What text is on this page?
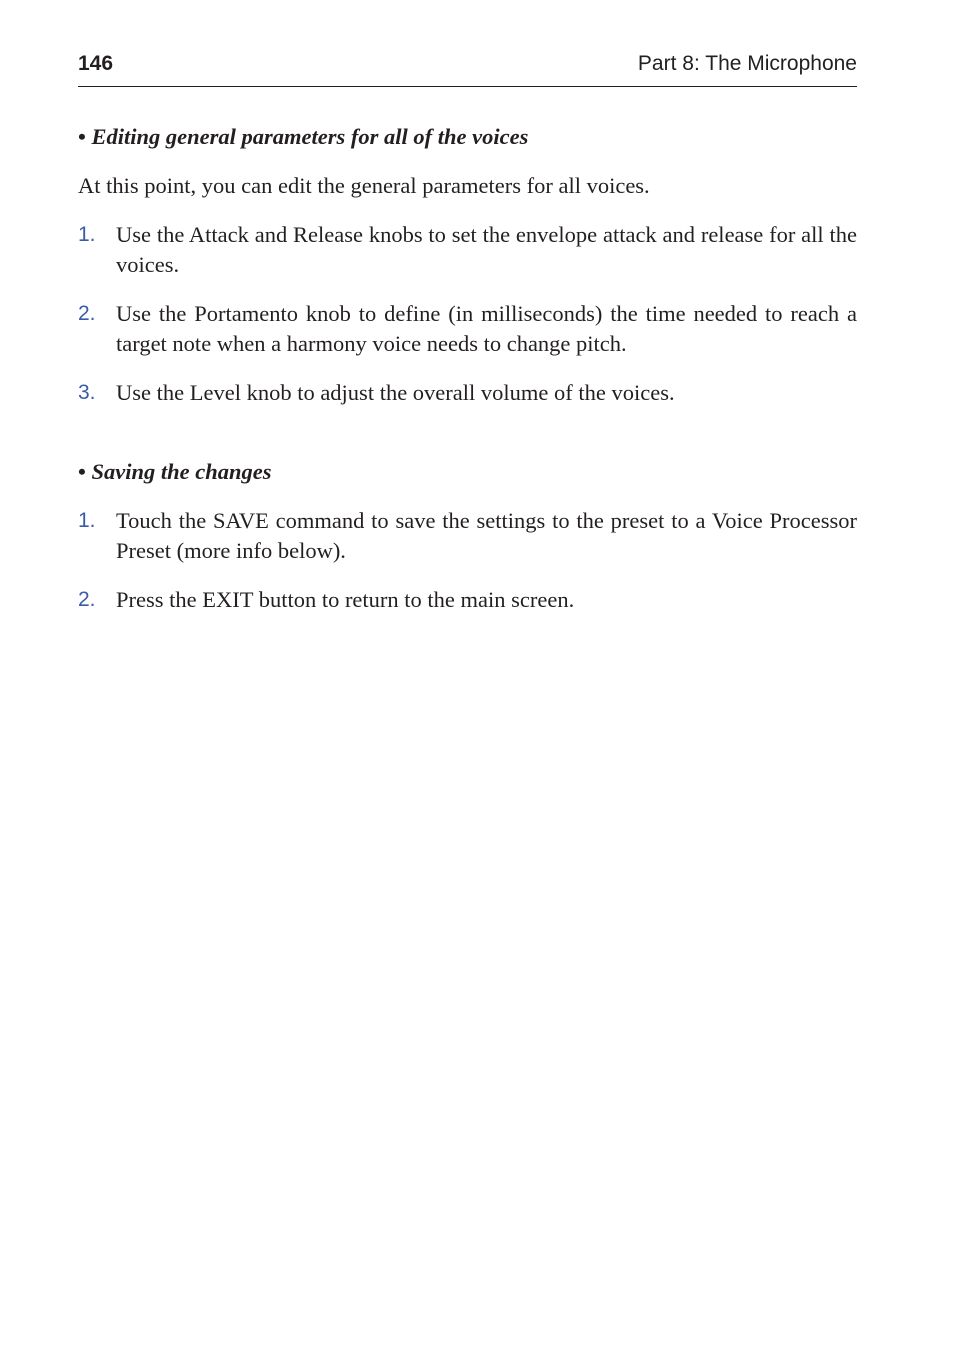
146	Part 8: The Microphone

• Editing general parameters for all of the voices

At this point, you can edit the general parameters for all voices.

1. Use the Attack and Release knobs to set the envelope attack and release for all the voices.
2. Use the Portamento knob to define (in milliseconds) the time needed to reach a target note when a harmony voice needs to change pitch.
3. Use the Level knob to adjust the overall volume of the voices.

• Saving the changes

1. Touch the SAVE command to save the settings to the preset to a Voice Processor Preset (more info below).
2. Press the EXIT button to return to the main screen.
